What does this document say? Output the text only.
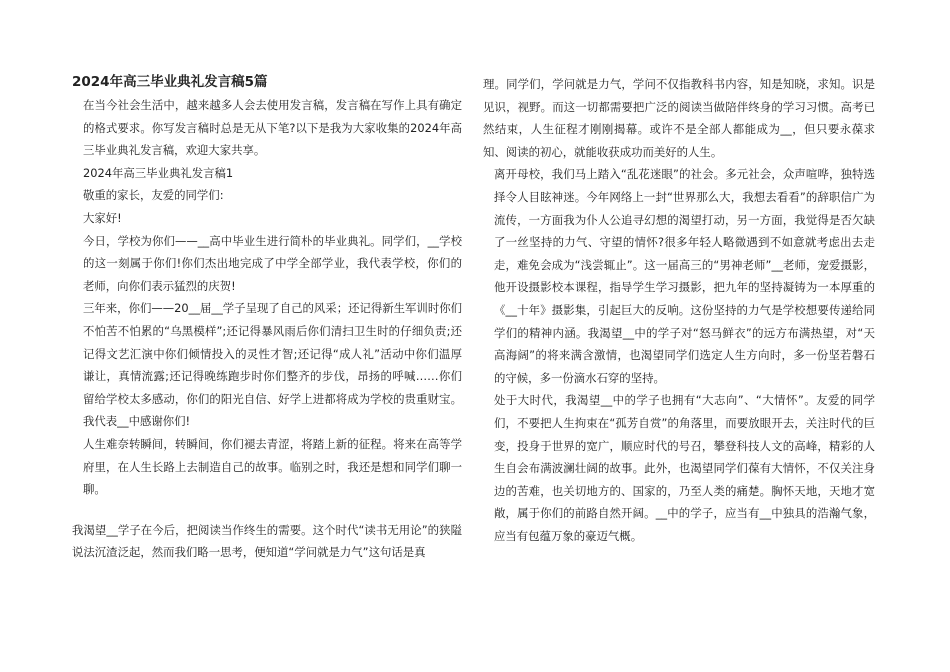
2024年高三毕业典礼发言稿5篇

在当今社会生活中，越来越多人会去使用发言稿，发言稿在写作上具有确定的格式要求。你写发言稿时总是无从下笔?以下是我为大家收集的2024年高三毕业典礼发言稿，欢迎大家共享。

2024年高三毕业典礼发言稿1

敬重的家长，友爱的同学们:

大家好!

今日，学校为你们——__高中毕业生进行简朴的毕业典礼。同学们，__学校的这一刻属于你们!你们杰出地完成了中学全部学业，我代表学校，你们的老师，向你们表示猛烈的庆贺!

三年来，你们——20__届__学子呈现了自己的风采；还记得新生军训时你们不怕苦不怕累的“乌黑模样”;还记得暴风雨后你们清扫卫生时的仔细负责;还记得文艺汇演中你们倾情投入的灵性才智;还记得“成人礼”活动中你们温厚谦让，真情流露;还记得晚练跑步时你们整齐的步伐，昂扬的呼喊……你们留给学校太多感动，你们的阳光自信、好学上进都将成为学校的贵重财宝。我代表__中感谢你们!

人生难奈转瞬间，转瞬间，你们褪去青涩，将踏上新的征程。将来在高等学府里，在人生长路上去制造自己的故事。临别之时，我还是想和同学们聊一聊。

我渴望__学子在今后，把阅读当作终生的需要。这个时代“读书无用论”的狭隘说法沉渣泛起，然而我们略一思考，便知道“学问就是力气”这句话是真

理。同学们，学问就是力气，学问不仅指教科书内容，知是知晓，求知。识是见识，视野。而这一切都需要把广泛的阅读当做陪伴终身的学习习惯。高考已然结束，人生征程才刚刚揭幕。或许不是全部人都能成为__，但只要永葆求知、阅读的初心，就能收获成功而美好的人生。

离开母校，我们马上踏入“乱花迷眼”的社会。多元社会，众声喧哗，独特选择令人目眩神迷。今年网络上一封“世界那么大，我想去看看”的辞职信广为流传，一方面我为仆人公追寻幻想的渴望打动，另一方面，我觉得是否欠缺了一丝坚持的力气、守望的情怀?很多年轻人略微遇到不如意就考虑出去走走，难免会成为“浅尝辄止”。这一届高三的“男神老师”__老师，宠爱摄影，他开设摄影校本课程，指导学生学习摄影，把九年的坚持凝铸为一本厚重的《__十年》摄影集，引起巨大的反响。这份坚持的力气是学校想要传递给同学们的精神内涵。我渴望__中的学子对“怒马鲜衣”的远方布满热望，对“天高海阔”的将来满含激情，也渴望同学们选定人生方向时，多一份坚若磐石的守候，多一份滴水石穿的坚持。

处于大时代，我渴望__中的学子也拥有“大志向”、“大情怀”。友爱的同学们，不要把人生拘束在“孤芳自赏”的角落里，而要放眼开去，关注时代的巨变，投身于世界的宽广，顺应时代的号召，攀登科技人文的高峰，精彩的人生自会布满波澜壮阔的故事。此外，也渴望同学们葆有大情怀，不仅关注身边的苦难，也关切地方的、国家的，乃至人类的痛楚。胸怀天地，天地才宽敞，属于你们的前路自然开阔。__中的学子，应当有__中独具的浩瀚气象，应当有包蕴万象的豪迈气概。
